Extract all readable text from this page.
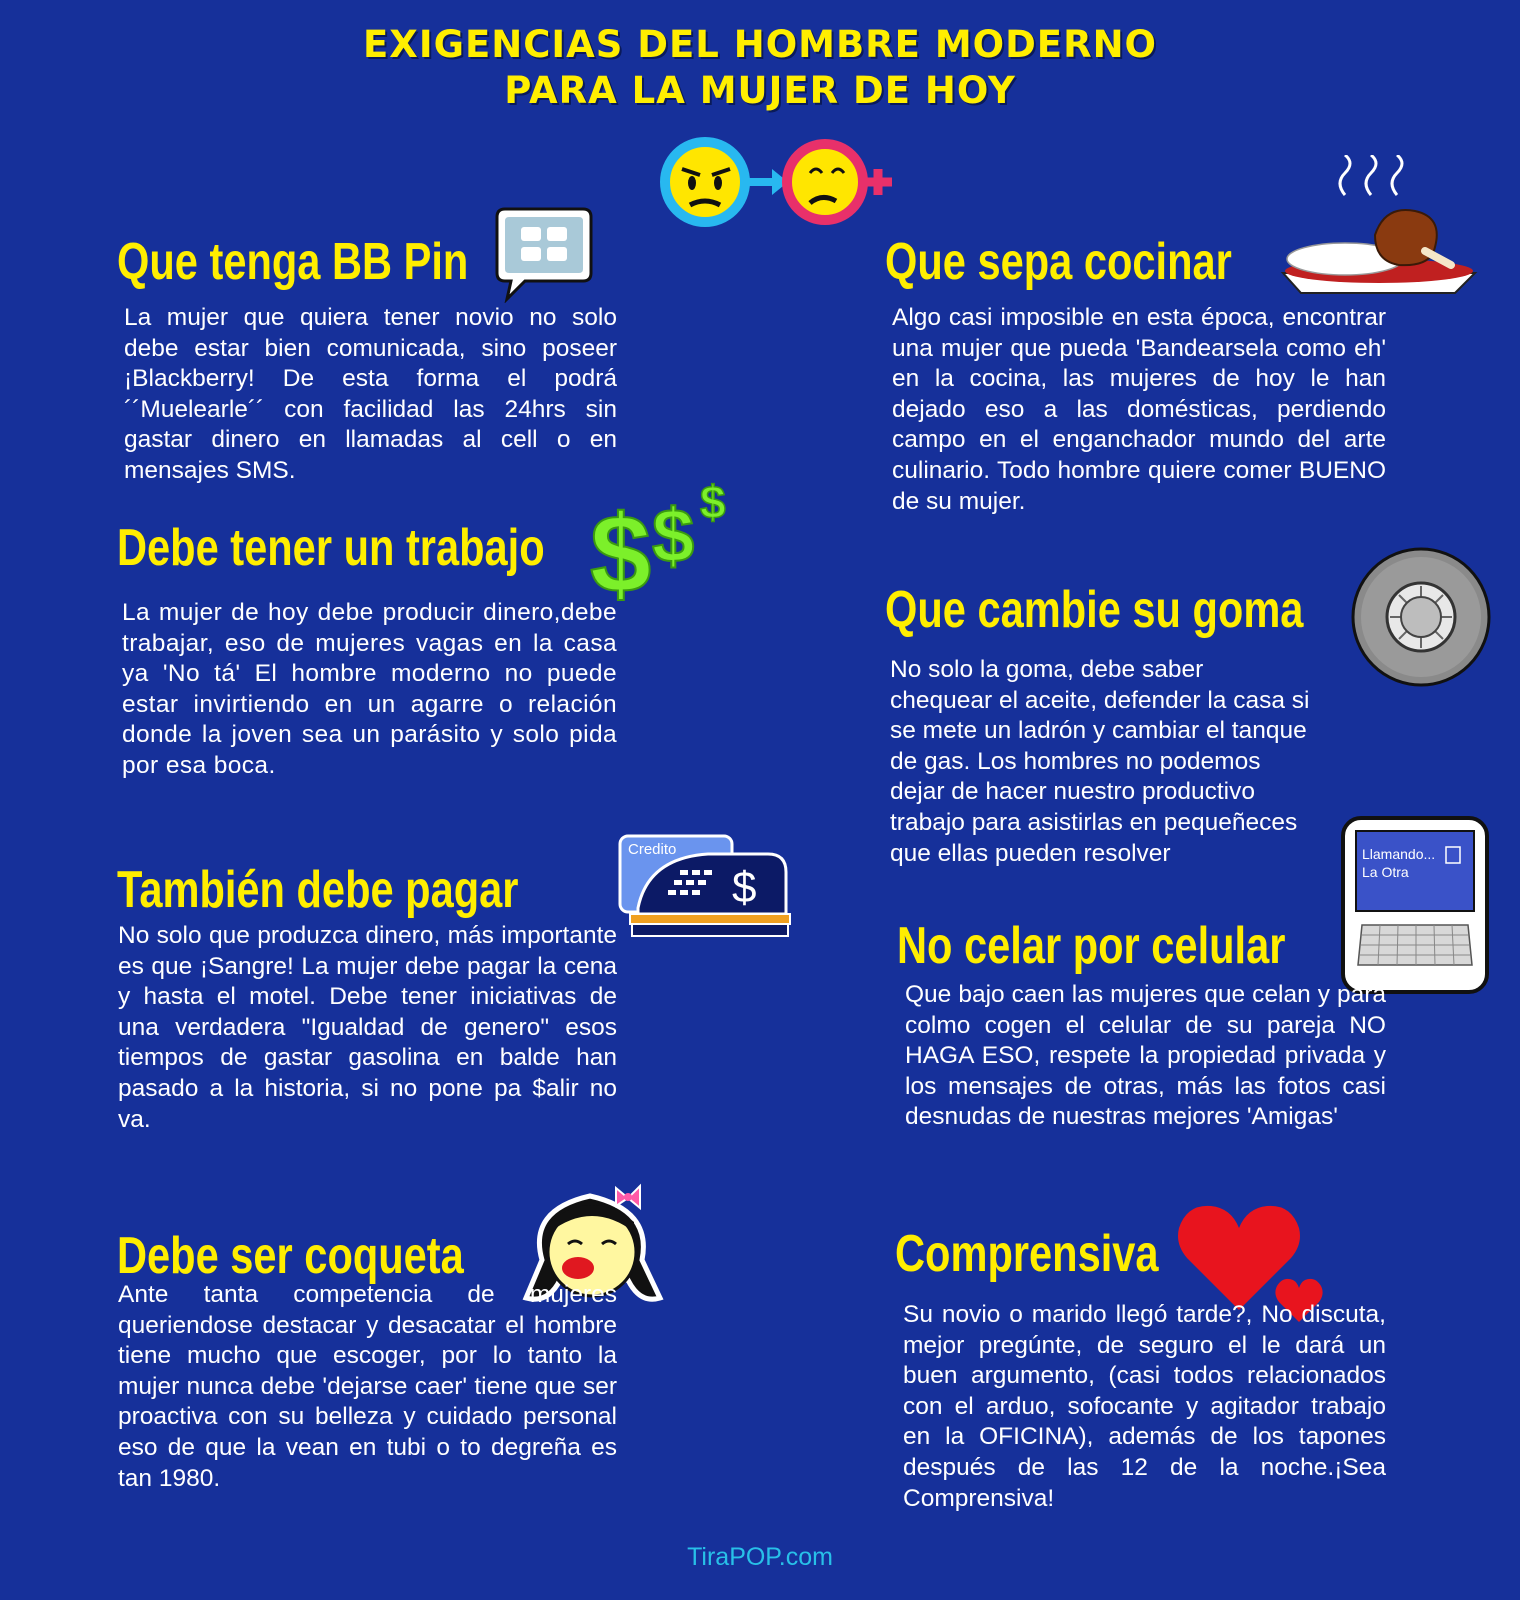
EXIGENCIAS DEL HOMBRE MODERNO
PARA LA MUJER DE HOY
Que tenga BB Pin

La mujer que quiera tener novio no solo debe estar bien comunicada, sino poseer ¡Blackberry! De esta forma el podrá ´´Muelearle´´ con facilidad las 24hrs sin gastar dinero en llamadas al cell o en mensajes SMS.

Debe tener un trabajo $ $ $

La mujer de hoy debe producir dinero,debe trabajar, eso de mujeres vagas en la casa ya 'No tá' El hombre moderno no puede estar invirtiendo en un agarre o relación donde la joven sea un parásito y solo pida por esa boca.

También debe pagar
Credito
$

No solo que produzca dinero, más importante es que ¡Sangre! La mujer debe pagar la cena y hasta el motel. Debe tener iniciativas de una verdadera "Igualdad de genero" esos tiempos de gastar gasolina en balde han pasado a la historia, si no pone pa $alir no va.

Debe ser coqueta

Ante tanta competencia de mujeres queriendose destacar y desacatar el hombre tiene mucho que escoger, por lo tanto la mujer nunca debe 'dejarse caer' tiene que ser proactiva con su belleza y cuidado personal eso de que la vean en tubi o to degreña es tan 1980.

Que sepa cocinar

Algo casi imposible en esta época, encontrar una mujer que pueda 'Bandearsela como eh' en la cocina, las mujeres de hoy le han dejado eso a las domésticas, perdiendo campo en el enganchador mundo del arte culinario. Todo hombre quiere comer BUENO de su mujer.

Que cambie su goma

No solo la goma, debe saber chequear el aceite, defender la casa si se mete un ladrón y cambiar el tanque de gas. Los hombres no podemos dejar de hacer nuestro productivo trabajo para asistirlas en pequeñeces que ellas pueden resolver

No celar por celular
Llamando...
La Otra

Que bajo caen las mujeres que celan y para colmo cogen el celular de su pareja NO HAGA ESO, respete la propiedad privada y los mensajes de otras, más las fotos casi desnudas de nuestras mejores 'Amigas'

Comprensiva

Su novio o marido llegó tarde?, No discuta, mejor pregúnte, de seguro el le dará un buen argumento, (casi todos relacionados con el arduo, sofocante y agitador trabajo en la OFICINA), además de los tapones después de las 12 de la noche.¡Sea Comprensiva!

TiraPOP.com
